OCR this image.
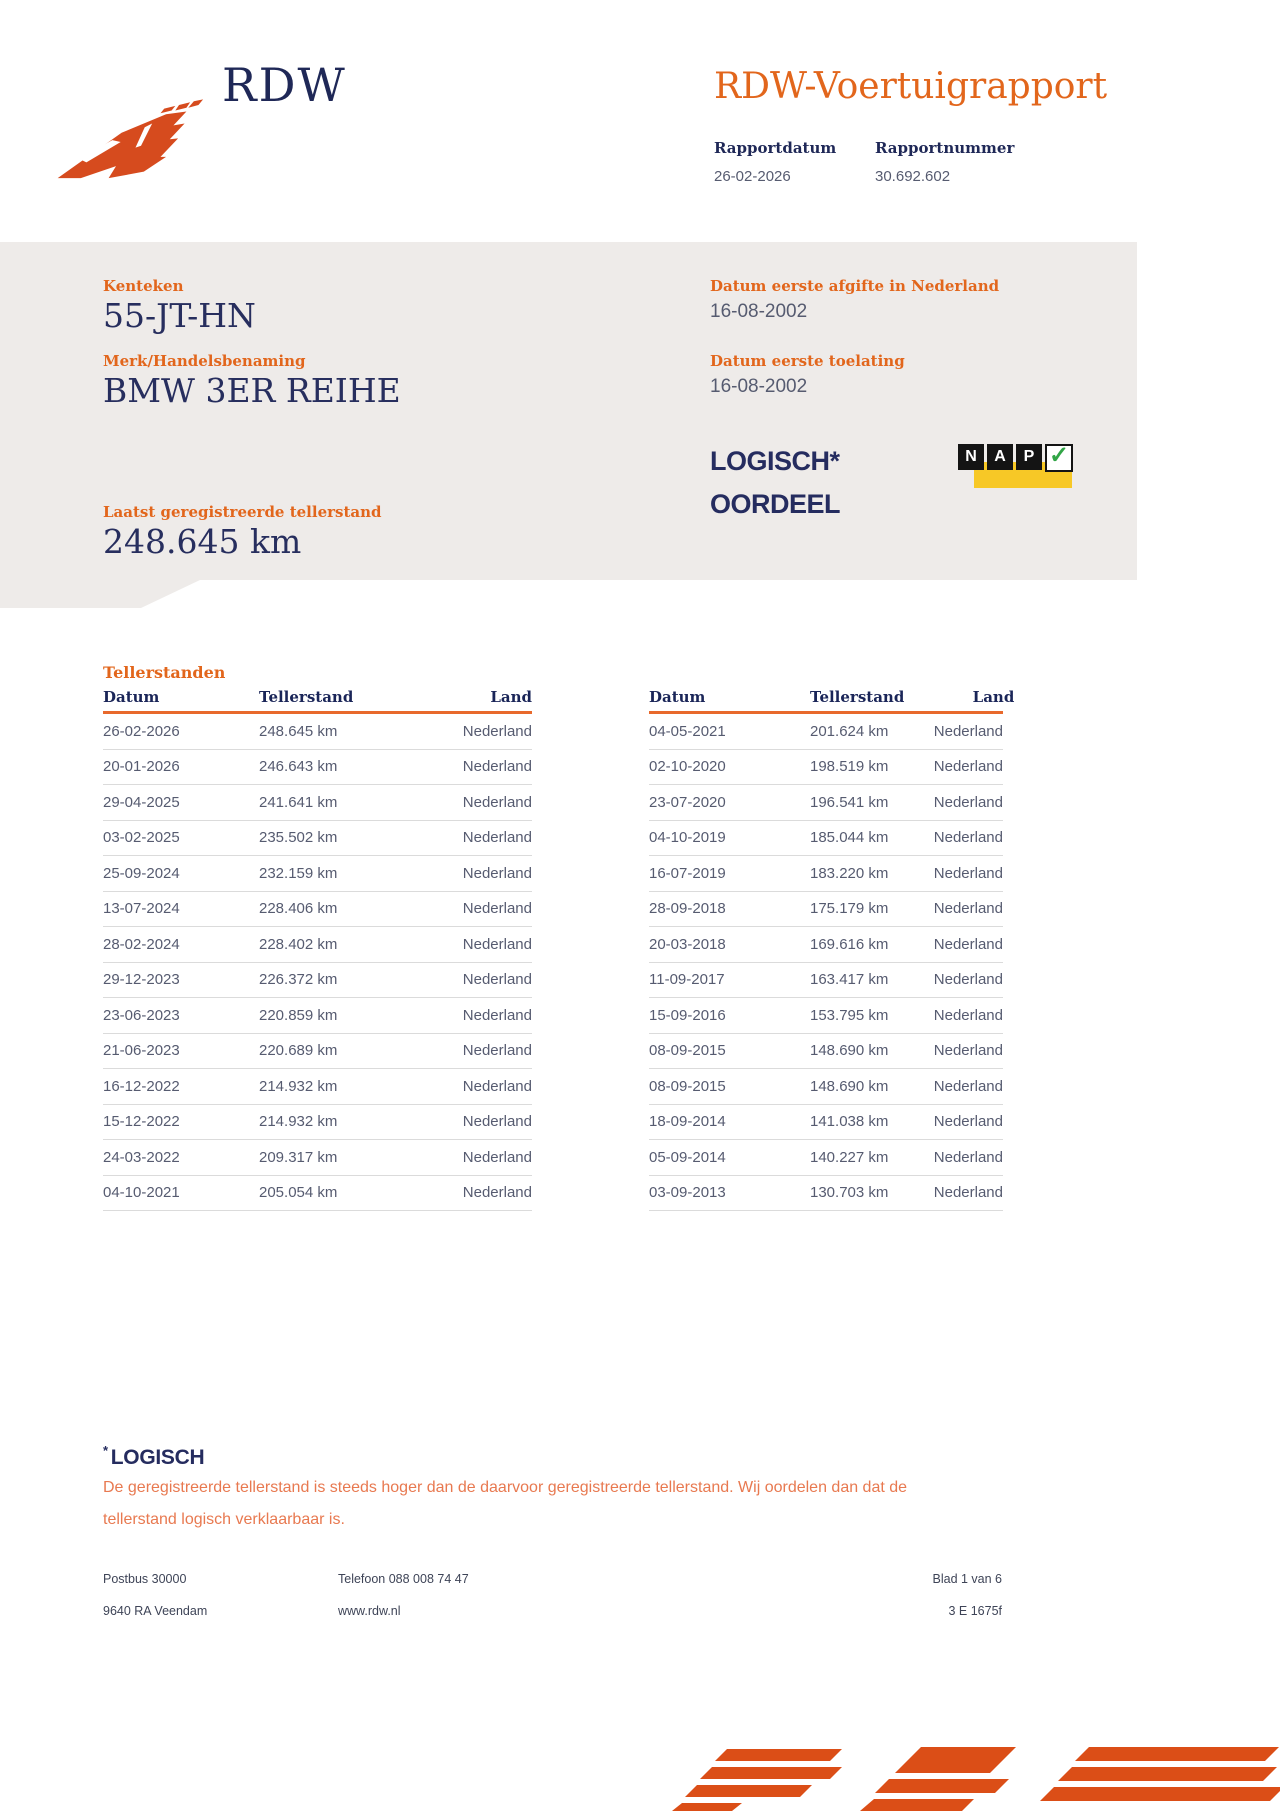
RDW	RDW-Voertuigrapport
Rapportdatum	Rapportnummer
26-02-2026	30.692.602
Kenteken
55-JT-HN
Merk/Handelsbenaming
BMW 3ER REIHE
Laatst geregistreerde tellerstand
248.645 km
Datum eerste afgifte in Nederland
16-08-2002
Datum eerste toelating
16-08-2002
LOGISCH*
OORDEEL
N	A	P ✓
Tellerstanden
Datum	Tellerstand	Land
26-02-2026	248.645 km	Nederland
20-01-2026	246.643 km	Nederland
29-04-2025	241.641 km	Nederland
03-02-2025	235.502 km	Nederland
25-09-2024	232.159 km	Nederland
13-07-2024	228.406 km	Nederland
28-02-2024	228.402 km	Nederland
29-12-2023	226.372 km	Nederland
23-06-2023	220.859 km	Nederland
21-06-2023	220.689 km	Nederland
16-12-2022	214.932 km	Nederland
15-12-2022	214.932 km	Nederland
24-03-2022	209.317 km	Nederland
04-10-2021	205.054 km	Nederland
Datum	Tellerstand	Land
04-05-2021	201.624 km	Nederland
02-10-2020	198.519 km	Nederland
23-07-2020	196.541 km	Nederland
04-10-2019	185.044 km	Nederland
16-07-2019	183.220 km	Nederland
28-09-2018	175.179 km	Nederland
20-03-2018	169.616 km	Nederland
11-09-2017	163.417 km	Nederland
15-09-2016	153.795 km	Nederland
08-09-2015	148.690 km	Nederland
08-09-2015	148.690 km	Nederland
18-09-2014	141.038 km	Nederland
05-09-2014	140.227 km	Nederland
03-09-2013	130.703 km	Nederland
* LOGISCH
De geregistreerde tellerstand is steeds hoger dan de daarvoor geregistreerde tellerstand. Wij oordelen dan dat de tellerstand logisch verklaarbaar is.
Postbus 30000
9640 RA Veendam
Telefoon 088 008 74 47
www.rdw.nl
Blad 1 van 6
3 E 1675f
